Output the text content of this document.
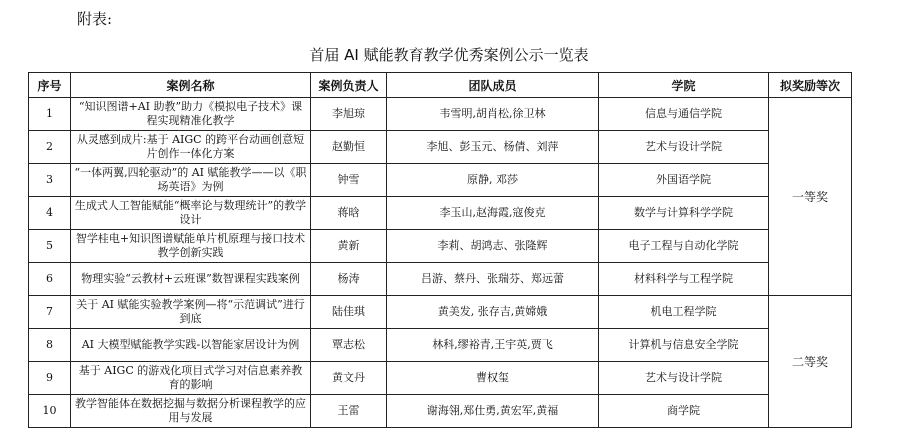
附表:
首届 AI 赋能教育教学优秀案例公示一览表
序号	案例名称	案例负责人	团队成员	学院	拟奖励等次
1	“知识图谱+AI 助教”助力《模拟电子技术》课程实现精准化教学	李旭琼	韦雪明,胡肖松,徐卫林	信息与通信学院	一等奖
2	从灵感到成片:基于 AIGC 的跨平台动画创意短片创作一体化方案	赵勤恒	李旭、彭玉元、杨倩、刘萍	艺术与设计学院	
3	“一体两翼,四轮驱动”的 AI 赋能教学——以《职场英语》为例	钟雪	原静, 邓莎	外国语学院	
4	生成式人工智能赋能“概率论与数理统计”的教学设计	蒋晗	李玉山,赵海霞,寇俊克	数学与计算科学学院	
5	智学桂电+知识图谱赋能单片机原理与接口技术教学创新实践	黄新	李莉、胡鸿志、张隆辉	电子工程与自动化学院	
6	物理实验“云教材+云班课”数智课程实践案例	杨涛	吕游、蔡丹、张瑞芬、郑远蕾	材料科学与工程学院	
7	关于 AI 赋能实验教学案例—将“示范调试”进行到底	陆佳琪	黄美发, 张存吉,黄嫦娥	机电工程学院	二等奖
8	AI 大模型赋能教学实践-以智能家居设计为例	覃志松	林科,缪裕青,王宇英,贾飞	计算机与信息安全学院	
9	基于 AIGC 的游戏化项目式学习对信息素养教育的影响	黄文丹	曹权玺	艺术与设计学院	
10	教学智能体在数据挖掘与数据分析课程教学的应用与发展	王雷	谢海翎,郑仕勇,黄宏军,黄福	商学院	
